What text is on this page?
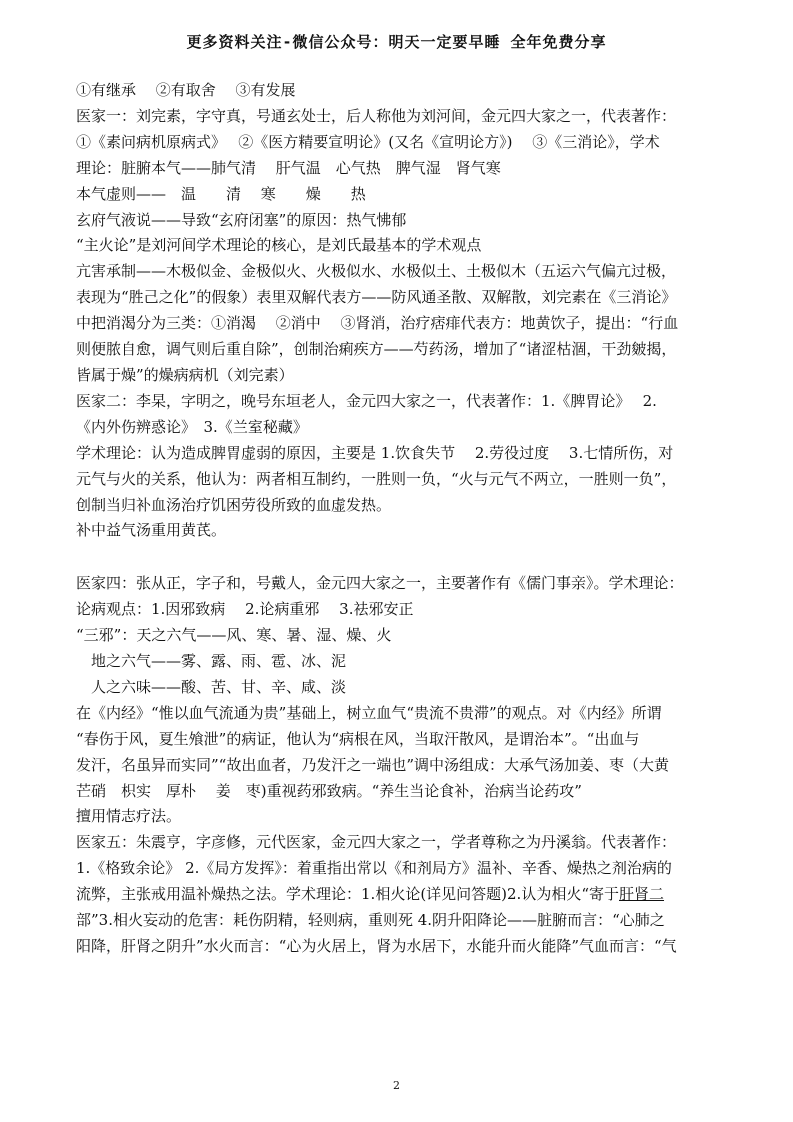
更多资料关注-微信公众号：明天一定要早睡 全年免费分享
①有继承　 ②有取舍　 ③有发展
医家一：刘完素，字守真，号通玄处士，后人称他为刘河间，金元四大家之一，代表著作：
①《素问病机原病式》　 ②《医方精要宣明论》(又名《宣明论方》)　 ③《三消论》，学术
理论：脏腑本气——肺气清　 肝气温　心气热　脾气湿　肾气寒
本气虚则——　温　　清　 寒　　燥　　热
玄府气液说——导致“玄府闭塞”的原因：热气怫郁
“主火论”是刘河间学术理论的核心，是刘氏最基本的学术观点
亢害承制——木极似金、金极似火、火极似水、水极似土、土极似木（五运六气偏亢过极，
表现为“胜己之化”的假象）表里双解代表方——防风通圣散、双解散，刘完素在《三消论》
中把消渴分为三类：①消渴　 ②消中　 ③肾消，治疗痞痱代表方：地黄饮子，提出：“行血
则便脓自愈，调气则后重自除”，创制治痢疾方——芍药汤，增加了“诸涩枯涸，干劲皴揭，
皆属于燥”的燥病病机（刘完素）
医家二：李杲，字明之，晚号东垣老人，金元四大家之一，代表著作：1.《脾胃论》　 2.
《内外伤辨惑论》　3.《兰室秘藏》
学术理论：认为造成脾胃虚弱的原因，主要是 1.饮食失节　 2.劳役过度　 3.七情所伤，对
元气与火的关系，他认为：两者相互制约，一胜则一负，“火与元气不两立，一胜则一负”，
创制当归补血汤治疗饥困劳役所致的血虚发热。
补中益气汤重用黄芪。
医家四：张从正，字子和，号戴人，金元四大家之一，主要著作有《儒门事亲》。学术理论：
论病观点：1.因邪致病　 2.论病重邪　 3.祛邪安正
“三邪”：天之六气——风、寒、暑、湿、燥、火
　地之六气——雾、露、雨、雹、冰、泥
　人之六味——酸、苦、甘、辛、咸、淡
在《内经》“惟以血气流通为贵”基础上，树立血气“贵流不贵滞”的观点。对《内经》所谓
“春伤于风，夏生飧泄”的病证，他认为“病根在风，当取汗散风，是谓治本”。“出血与
发汗，名虽异而实同”“故出血者，乃发汗之一端也”调中汤组成：大承气汤加姜、枣（大黄
芒硝　枳实　厚朴　 姜　枣)重视药邪致病。“养生当论食补，治病当论药攻”
擅用情志疗法。
医家五：朱震亨，字彦修，元代医家，金元四大家之一，学者尊称之为丹溪翁。代表著作：
1.《格致余论》 2.《局方发挥》：着重指出常以《和剂局方》温补、辛香、燥热之剂治病的
流弊，主张戒用温补燥热之法。学术理论：1.相火论(详见问答题)2.认为相火“寄于肝肾二
部”3.相火妄动的危害：耗伤阴精，轻则病，重则死 4.阴升阳降论——脏腑而言：“心肺之
阳降，肝肾之阴升”水火而言：“心为火居上，肾为水居下，水能升而火能降”气血而言：“气
2
